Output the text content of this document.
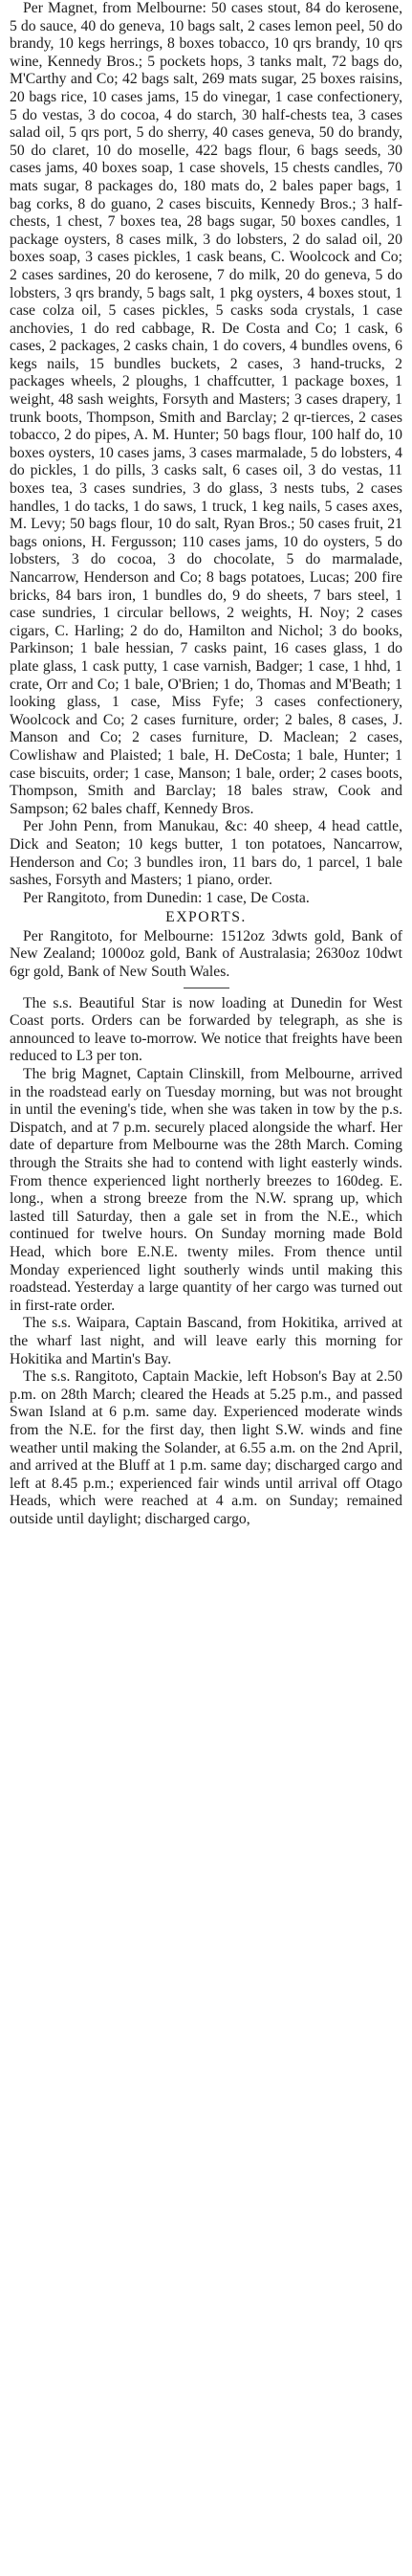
Per Magnet, from Melbourne: 50 cases stout, 84 do kerosene, 5 do sauce, 40 do geneva, 10 bags salt, 2 cases lemon peel, 50 do brandy, 10 kegs herrings, 8 boxes tobacco, 10 qrs brandy, 10 qrs wine, Kennedy Bros.; 5 pockets hops, 3 tanks malt, 72 bags do, M'Carthy and Co; 42 bags salt, 269 mats sugar, 25 boxes raisins, 20 bags rice, 10 cases jams, 15 do vinegar, 1 case confectionery, 5 do vestas, 3 do cocoa, 4 do starch, 30 half-chests tea, 3 cases salad oil, 5 qrs port, 5 do sherry, 40 cases geneva, 50 do brandy, 50 do claret, 10 do moselle, 422 bags flour, 6 bags seeds, 30 cases jams, 40 boxes soap, 1 case shovels, 15 chests candles, 70 mats sugar, 8 packages do, 180 mats do, 2 bales paper bags, 1 bag corks, 8 do guano, 2 cases biscuits, Kennedy Bros.; 3 half-chests, 1 chest, 7 boxes tea, 28 bags sugar, 50 boxes candles, 1 package oysters, 8 cases milk, 3 do lobsters, 2 do salad oil, 20 boxes soap, 3 cases pickles, 1 cask beans, C. Woolcock and Co; 2 cases sardines, 20 do kerosene, 7 do milk, 20 do geneva, 5 do lobsters, 3 qrs brandy, 5 bags salt, 1 pkg oysters, 4 boxes stout, 1 case colza oil, 5 cases pickles, 5 casks soda crystals, 1 case anchovies, 1 do red cabbage, R. De Costa and Co; 1 cask, 6 cases, 2 packages, 2 casks chain, 1 do covers, 4 bundles ovens, 6 kegs nails, 15 bundles buckets, 2 cases, 3 hand-trucks, 2 packages wheels, 2 ploughs, 1 chaffcutter, 1 package boxes, 1 weight, 48 sash weights, Forsyth and Masters; 3 cases drapery, 1 trunk boots, Thompson, Smith and Barclay; 2 qr-tierces, 2 cases tobacco, 2 do pipes, A. M. Hunter; 50 bags flour, 100 half do, 10 boxes oysters, 10 cases jams, 3 cases marmalade, 5 do lobsters, 4 do pickles, 1 do pills, 3 casks salt, 6 cases oil, 3 do vestas, 11 boxes tea, 3 cases sundries, 3 do glass, 3 nests tubs, 2 cases handles, 1 do tacks, 1 do saws, 1 truck, 1 keg nails, 5 cases axes, M. Levy; 50 bags flour, 10 do salt, Ryan Bros.; 50 cases fruit, 21 bags onions, H. Fergusson; 110 cases jams, 10 do oysters, 5 do lobsters, 3 do cocoa, 3 do chocolate, 5 do marmalade, Nancarrow, Henderson and Co; 8 bags potatoes, Lucas; 200 fire bricks, 84 bars iron, 1 bundles do, 9 do sheets, 7 bars steel, 1 case sundries, 1 circular bellows, 2 weights, H. Noy; 2 cases cigars, C. Harling; 2 do do, Hamilton and Nichol; 3 do books, Parkinson; 1 bale hessian, 7 casks paint, 16 cases glass, 1 do plate glass, 1 cask putty, 1 case varnish, Badger; 1 case, 1 hhd, 1 crate, Orr and Co; 1 bale, O'Brien; 1 do, Thomas and M'Beath; 1 looking glass, 1 case, Miss Fyfe; 3 cases confectionery, Woolcock and Co; 2 cases furniture, order; 2 bales, 8 cases, J. Manson and Co; 2 cases furniture, D. Maclean; 2 cases, Cowlishaw and Plaisted; 1 bale, H. DeCosta; 1 bale, Hunter; 1 case biscuits, order; 1 case, Manson; 1 bale, order; 2 cases boots, Thompson, Smith and Barclay; 18 bales straw, Cook and Sampson; 62 bales chaff, Kennedy Bros.

Per John Penn, from Manukau, &c: 40 sheep, 4 head cattle, Dick and Seaton; 10 kegs butter, 1 ton potatoes, Nancarrow, Henderson and Co; 3 bundles iron, 11 bars do, 1 parcel, 1 bale sashes, Forsyth and Masters; 1 piano, order.

Per Rangitoto, from Dunedin: 1 case, De Costa.

EXPORTS.

Per Rangitoto, for Melbourne: 1512oz 3dwts gold, Bank of New Zealand; 1000oz gold, Bank of Australasia; 2630oz 10dwt 6gr gold, Bank of New South Wales.

The s.s. Beautiful Star is now loading at Dunedin for West Coast ports. Orders can be forwarded by telegraph, as she is announced to leave to-morrow. We notice that freights have been reduced to L3 per ton.

The brig Magnet, Captain Clinskill, from Melbourne, arrived in the roadstead early on Tuesday morning, but was not brought in until the evening's tide, when she was taken in tow by the p.s. Dispatch, and at 7 p.m. securely placed alongside the wharf. Her date of departure from Melbourne was the 28th March. Coming through the Straits she had to contend with light easterly winds. From thence experienced light northerly breezes to 160deg. E. long., when a strong breeze from the N.W. sprang up, which lasted till Saturday, then a gale set in from the N.E., which continued for twelve hours. On Sunday morning made Bold Head, which bore E.N.E. twenty miles. From thence until Monday experienced light southerly winds until making this roadstead. Yesterday a large quantity of her cargo was turned out in first-rate order.

The s.s. Waipara, Captain Bascand, from Hokitika, arrived at the wharf last night, and will leave early this morning for Hokitika and Martin's Bay.

The s.s. Rangitoto, Captain Mackie, left Hobson's Bay at 2.50 p.m. on 28th March; cleared the Heads at 5.25 p.m., and passed Swan Island at 6 p.m. same day. Experienced moderate winds from the N.E. for the first day, then light S.W. winds and fine weather until making the Solander, at 6.55 a.m. on the 2nd April, and arrived at the Bluff at 1 p.m. same day; discharged cargo and left at 8.45 p.m.; experienced fair winds until arrival off Otago Heads, which were reached at 4 a.m. on Sunday; remained outside until daylight; discharged cargo,
